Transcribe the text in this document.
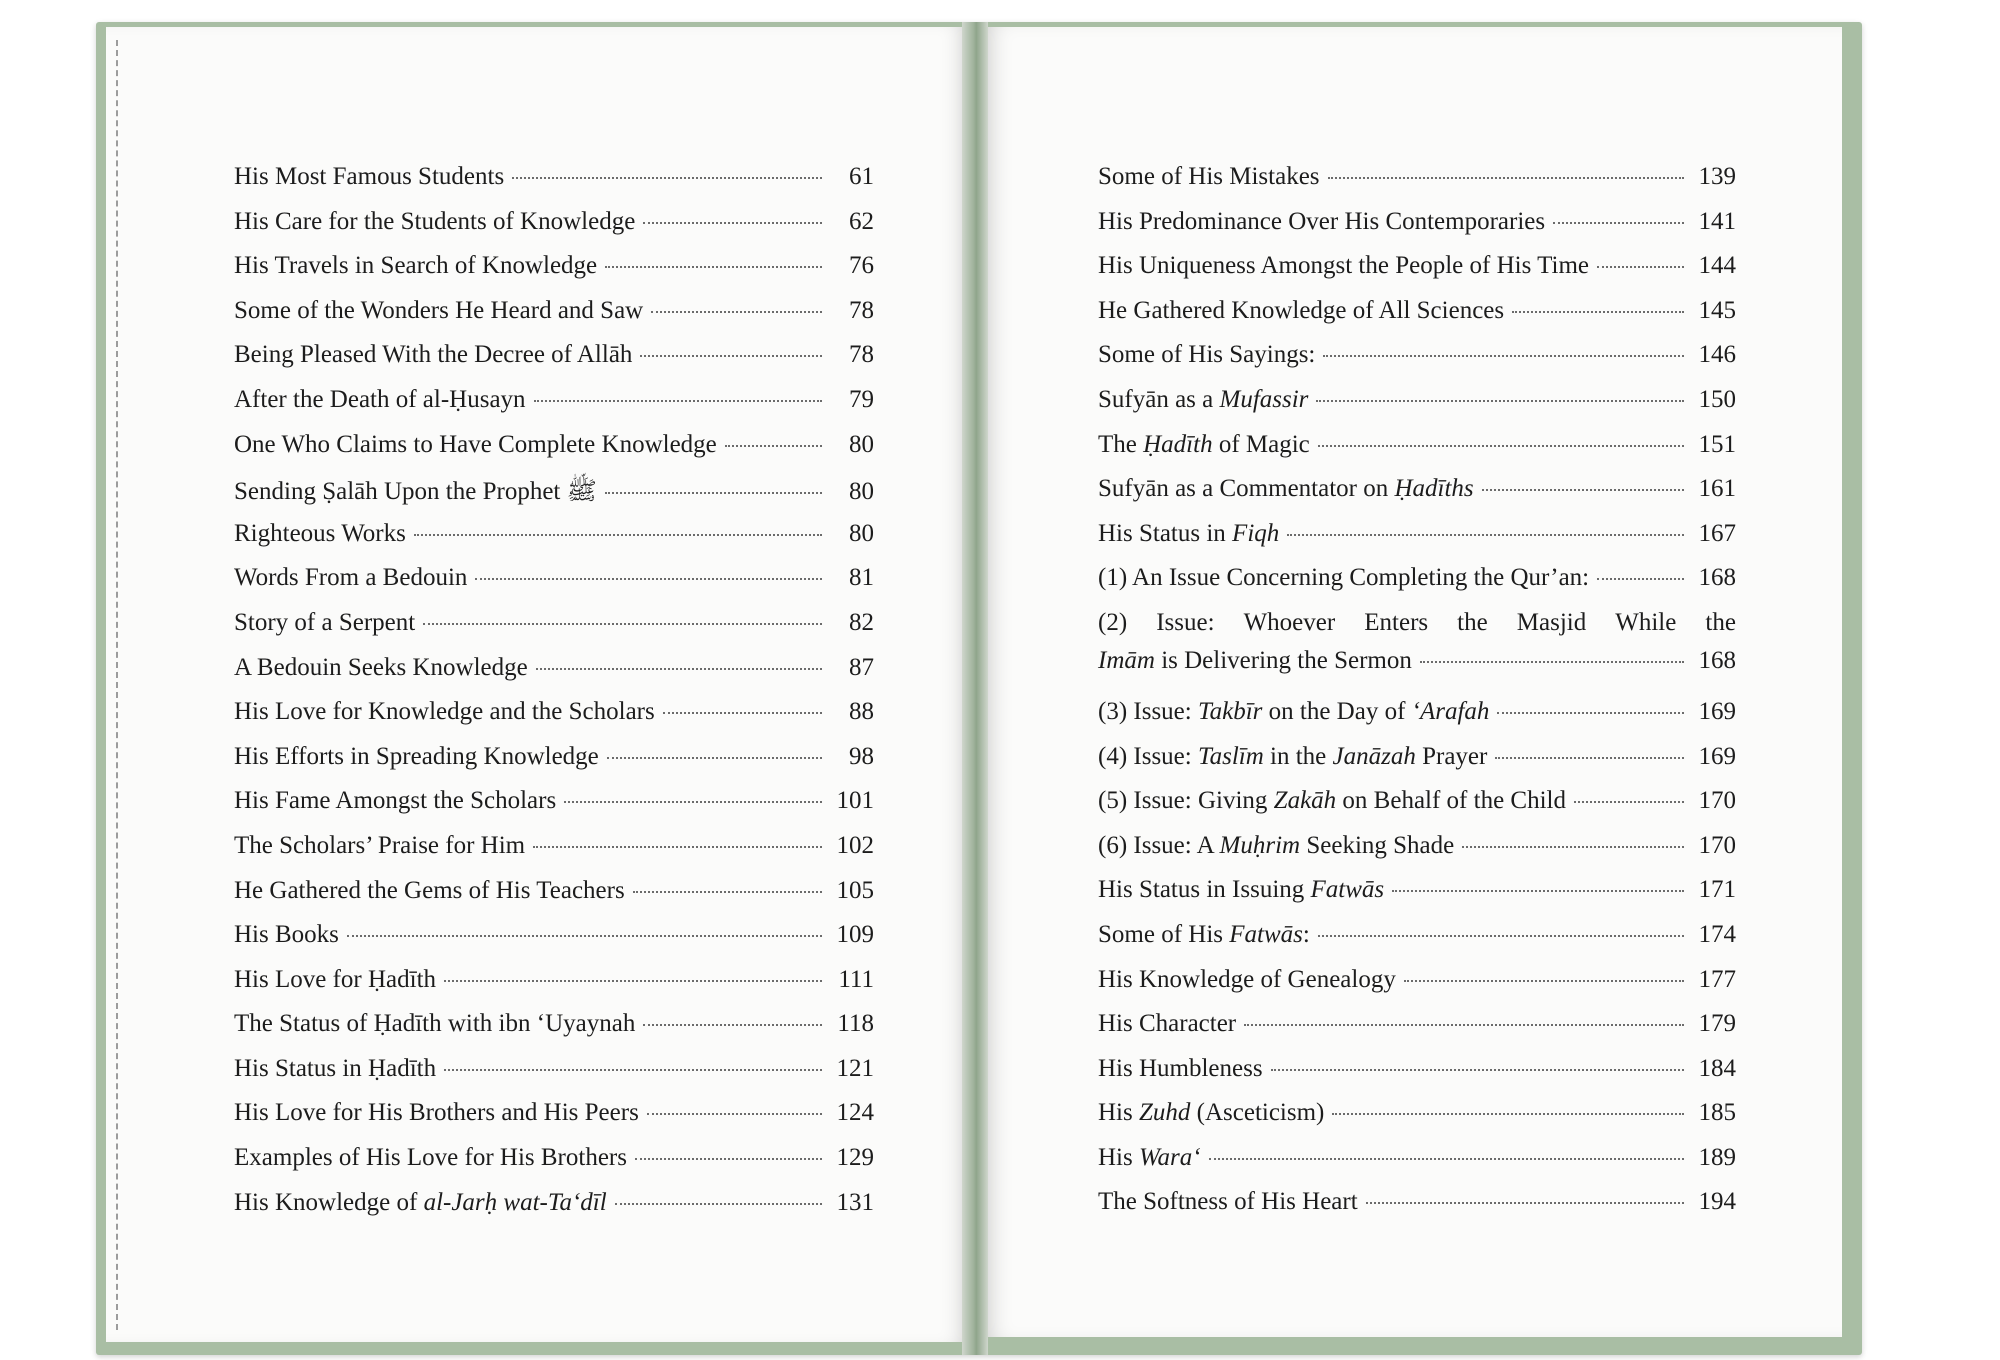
His Most Famous Students	61
His Care for the Students of Knowledge	62
His Travels in Search of Knowledge	76
Some of the Wonders He Heard and Saw	78
Being Pleased With the Decree of Allāh	78
After the Death of al-Ḥusayn	79
One Who Claims to Have Complete Knowledge	80
Sending Ṣalāh Upon the Prophet ﷺ	80
Righteous Works	80
Words From a Bedouin	81
Story of a Serpent	82
A Bedouin Seeks Knowledge	87
His Love for Knowledge and the Scholars	88
His Efforts in Spreading Knowledge	98
His Fame Amongst the Scholars	101
The Scholars’ Praise for Him	102
He Gathered the Gems of His Teachers	105
His Books	109
His Love for Ḥadīth	111
The Status of Ḥadīth with ibn ‘Uyaynah	118
His Status in Ḥadīth	121
His Love for His Brothers and His Peers	124
Examples of His Love for His Brothers	129
His Knowledge of al-Jarḥ wat-Ta‘dīl	131
Some of His Mistakes	139
His Predominance Over His Contemporaries	141
His Uniqueness Amongst the People of His Time	144
He Gathered Knowledge of All Sciences	145
Some of His Sayings:	146
Sufyān as a Mufassir	150
The Ḥadīth of Magic	151
Sufyān as a Commentator on Ḥadīths	161
His Status in Fiqh	167
(1) An Issue Concerning Completing the Qur’an:	168
(2) Issue: Whoever Enters the Masjid While the
Imām is Delivering the Sermon	168
(3) Issue: Takbīr on the Day of ‘Arafah	169
(4) Issue: Taslīm in the Janāzah Prayer	169
(5) Issue: Giving Zakāh on Behalf of the Child	170
(6) Issue: A Muḥrim Seeking Shade	170
His Status in Issuing Fatwās	171
Some of His Fatwās:	174
His Knowledge of Genealogy	177
His Character	179
His Humbleness	184
His Zuhd (Asceticism)	185
His Wara‘	189
The Softness of His Heart	194
